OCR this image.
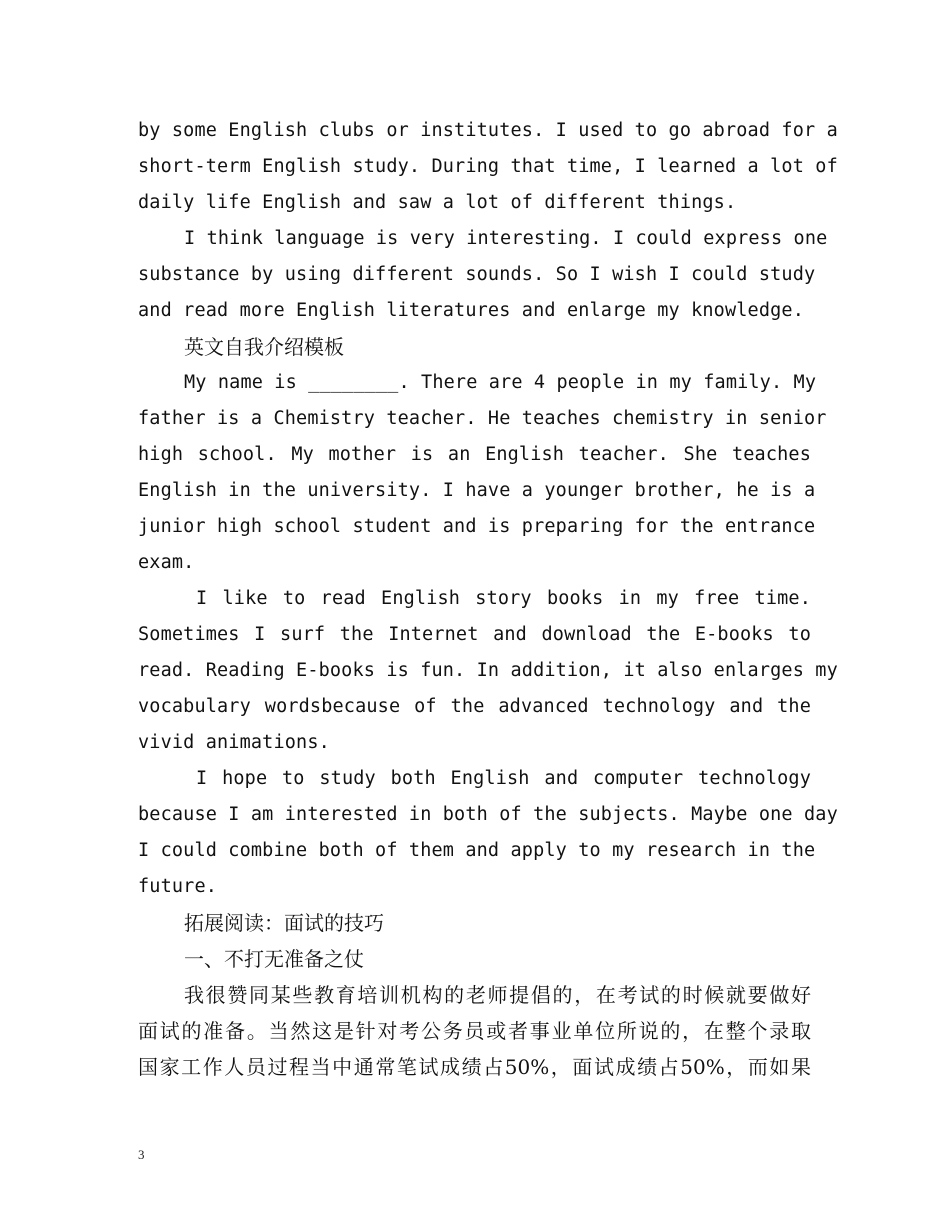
by some English clubs or institutes. I used to go abroad for a
short-term English study. During that time, I learned a lot of
daily life English and saw a lot of different things.
I think language is very interesting. I could express one
substance by using different sounds. So I wish I could study
and read more English literatures and enlarge my knowledge.
英文自我介绍模板
My name is ________. There are 4 people in my family. My
father is a Chemistry teacher. He teaches chemistry in senior
high school. My mother is an English teacher. She teaches
English in the university. I have a younger brother, he is a
junior high school student and is preparing for the entrance
exam.
I like to read English story books in my free time.
Sometimes I surf the Internet and download the E-books to
read. Reading E-books is fun. In addition, it also enlarges my
vocabulary wordsbecause of the advanced technology and the
vivid animations.
I hope to study both English and computer technology
because I am interested in both of the subjects. Maybe one day
I could combine both of them and apply to my research in the
future.
拓展阅读：面试的技巧
一、不打无准备之仗
我很赞同某些教育培训机构的老师提倡的，在考试的时候就要做好
面试的准备。当然这是针对考公务员或者事业单位所说的，在整个录取
国家工作人员过程当中通常笔试成绩占50%，面试成绩占50%，而如果
3
